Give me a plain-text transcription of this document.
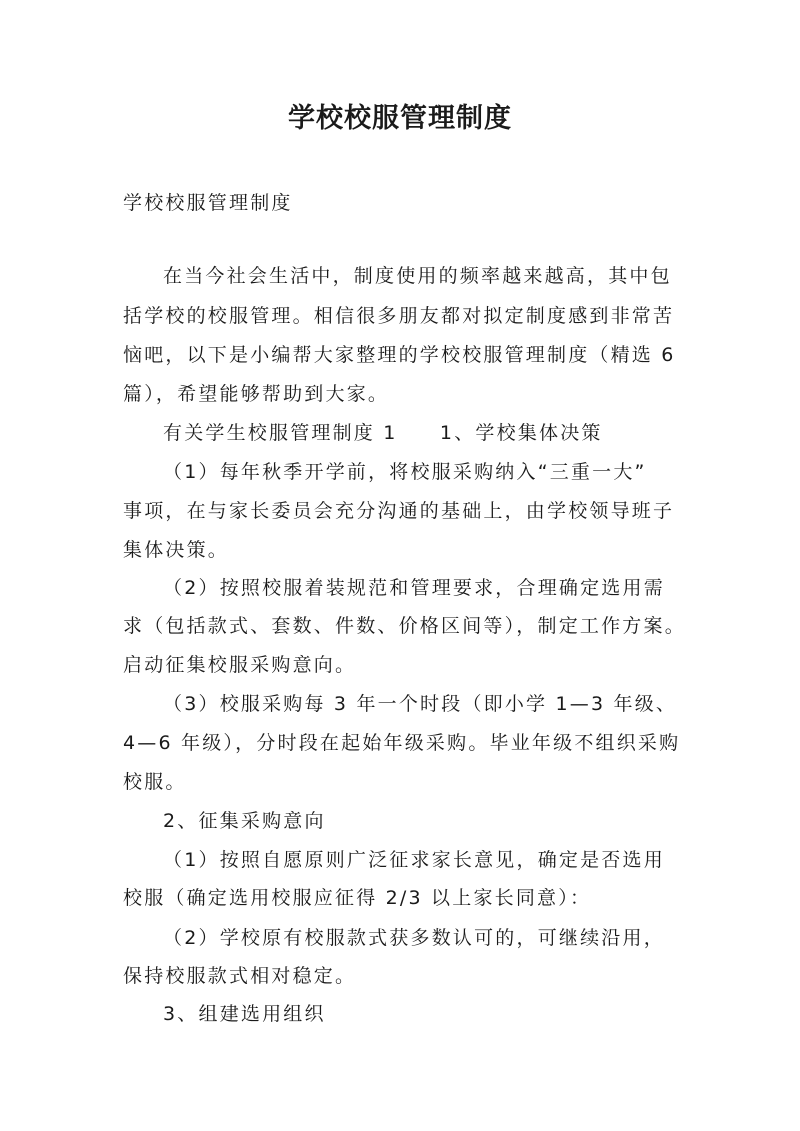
学校校服管理制度
学校校服管理制度
在当今社会生活中，制度使用的频率越来越高，其中包
括学校的校服管理。相信很多朋友都对拟定制度感到非常苦
恼吧，以下是小编帮大家整理的学校校服管理制度（精选 6
篇），希望能够帮助到大家。
有关学生校服管理制度 1　　1、学校集体决策
（1）每年秋季开学前，将校服采购纳入“三重一大”
事项，在与家长委员会充分沟通的基础上，由学校领导班子
集体决策。
（2）按照校服着装规范和管理要求，合理确定选用需
求（包括款式、套数、件数、价格区间等），制定工作方案。
启动征集校服采购意向。
（3）校服采购每 3 年一个时段（即小学 1—3 年级、
4—6 年级），分时段在起始年级采购。毕业年级不组织采购
校服。
2、征集采购意向
（1）按照自愿原则广泛征求家长意见，确定是否选用
校服（确定选用校服应征得 2/3 以上家长同意）：
（2）学校原有校服款式获多数认可的，可继续沿用，
保持校服款式相对稳定。
3、组建选用组织
